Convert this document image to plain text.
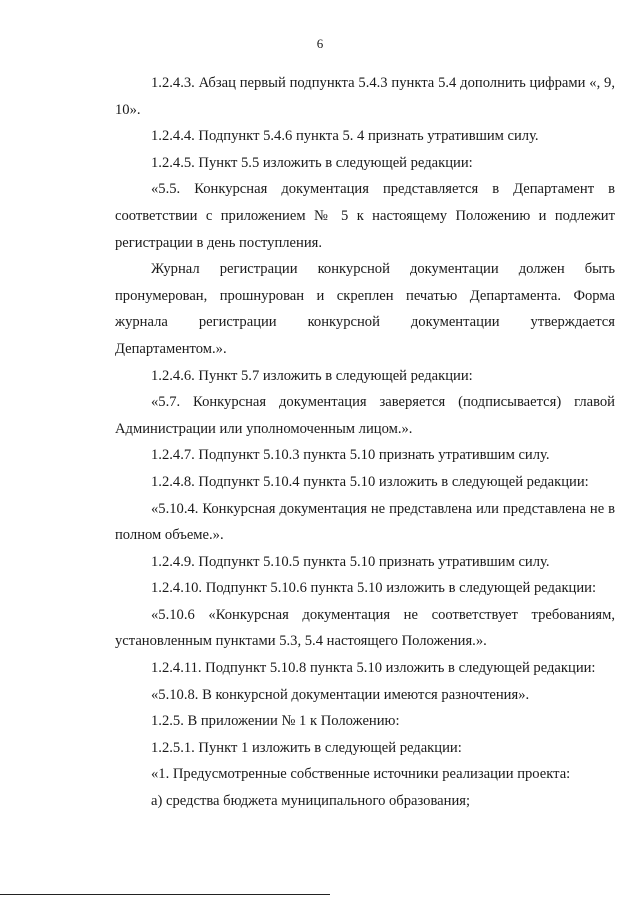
6

1.2.4.3. Абзац первый подпункта 5.4.3 пункта 5.4 дополнить цифрами «, 9, 10».

1.2.4.4. Подпункт 5.4.6 пункта 5. 4 признать утратившим силу.

1.2.4.5. Пункт 5.5 изложить в следующей редакции:

«5.5. Конкурсная документация представляется в Департамент в соответствии с приложением № 5 к настоящему Положению и подлежит регистрации в день поступления.

Журнал регистрации конкурсной документации должен быть пронумерован, прошнурован и скреплен печатью Департамента. Форма журнала регистрации конкурсной документации утверждается Департаментом.».

1.2.4.6. Пункт 5.7 изложить в следующей редакции:

«5.7. Конкурсная документация заверяется (подписывается) главой Администрации или уполномоченным лицом.».

1.2.4.7. Подпункт 5.10.3 пункта 5.10 признать утратившим силу.

1.2.4.8. Подпункт 5.10.4 пункта 5.10 изложить в следующей редакции:

«5.10.4. Конкурсная документация не представлена или представлена не в полном объеме.».

1.2.4.9. Подпункт 5.10.5 пункта 5.10 признать утратившим силу.

1.2.4.10. Подпункт 5.10.6 пункта 5.10 изложить в следующей редакции:

«5.10.6 «Конкурсная документация не соответствует требованиям, установленным пунктами 5.3, 5.4 настоящего Положения.».

1.2.4.11. Подпункт 5.10.8 пункта 5.10 изложить в следующей редакции:

«5.10.8. В конкурсной документации имеются разночтения».

1.2.5. В приложении № 1 к Положению:

1.2.5.1. Пункт 1 изложить в следующей редакции:

«1. Предусмотренные собственные источники реализации проекта:

а) средства бюджета муниципального образования;
